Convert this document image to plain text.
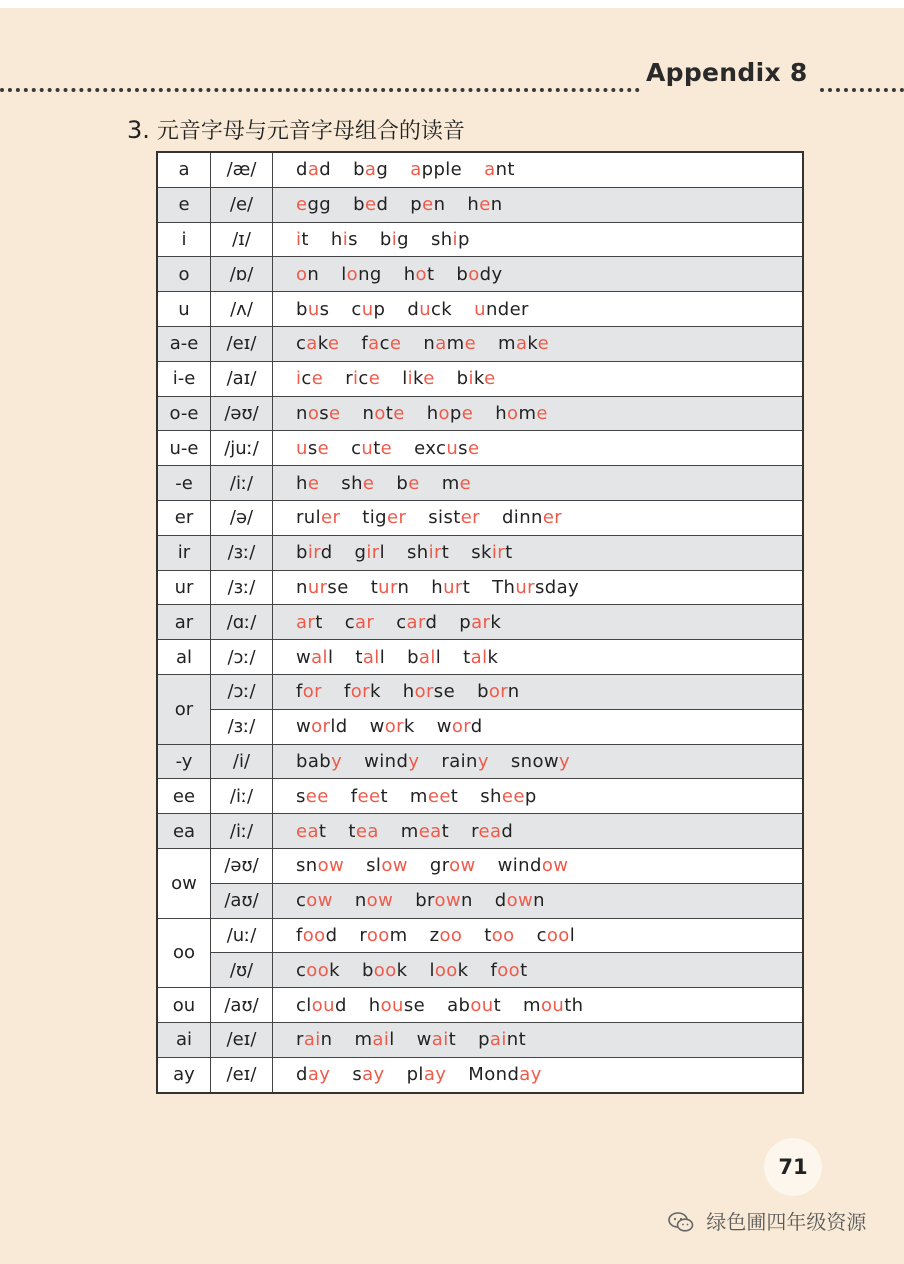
Appendix 8
3. 元音字母与元音字母组合的读音
a	/æ/	dad bag apple ant
e	/e/	egg bed pen hen
i	/ɪ/	it his big ship
o	/ɒ/	on long hot body
u	/ʌ/	bus cup duck under
a-e	/eɪ/	cake face name make
i-e	/aɪ/	ice rice like bike
o-e	/əʊ/	nose note hope home
u-e	/juː/	use cute excuse
-e	/iː/	he she be me
er	/ə/	ruler tiger sister dinner
ir	/ɜː/	bird girl shirt skirt
ur	/ɜː/	nurse turn hurt Thursday
ar	/ɑː/	art car card park
al	/ɔː/	wall tall ball talk
or	/ɔː/	for fork horse born
	/ɜː/	world work word
-y	/i/	baby windy rainy snowy
ee	/iː/	see feet meet sheep
ea	/iː/	eat tea meat read
ow	/əʊ/	snow slow grow window
	/aʊ/	cow now brown down
oo	/uː/	food room zoo too cool
	/ʊ/	cook book look foot
ou	/aʊ/	cloud house about mouth
ai	/eɪ/	rain mail wait paint
ay	/eɪ/	day say play Monday
71
绿色圃四年级资源
